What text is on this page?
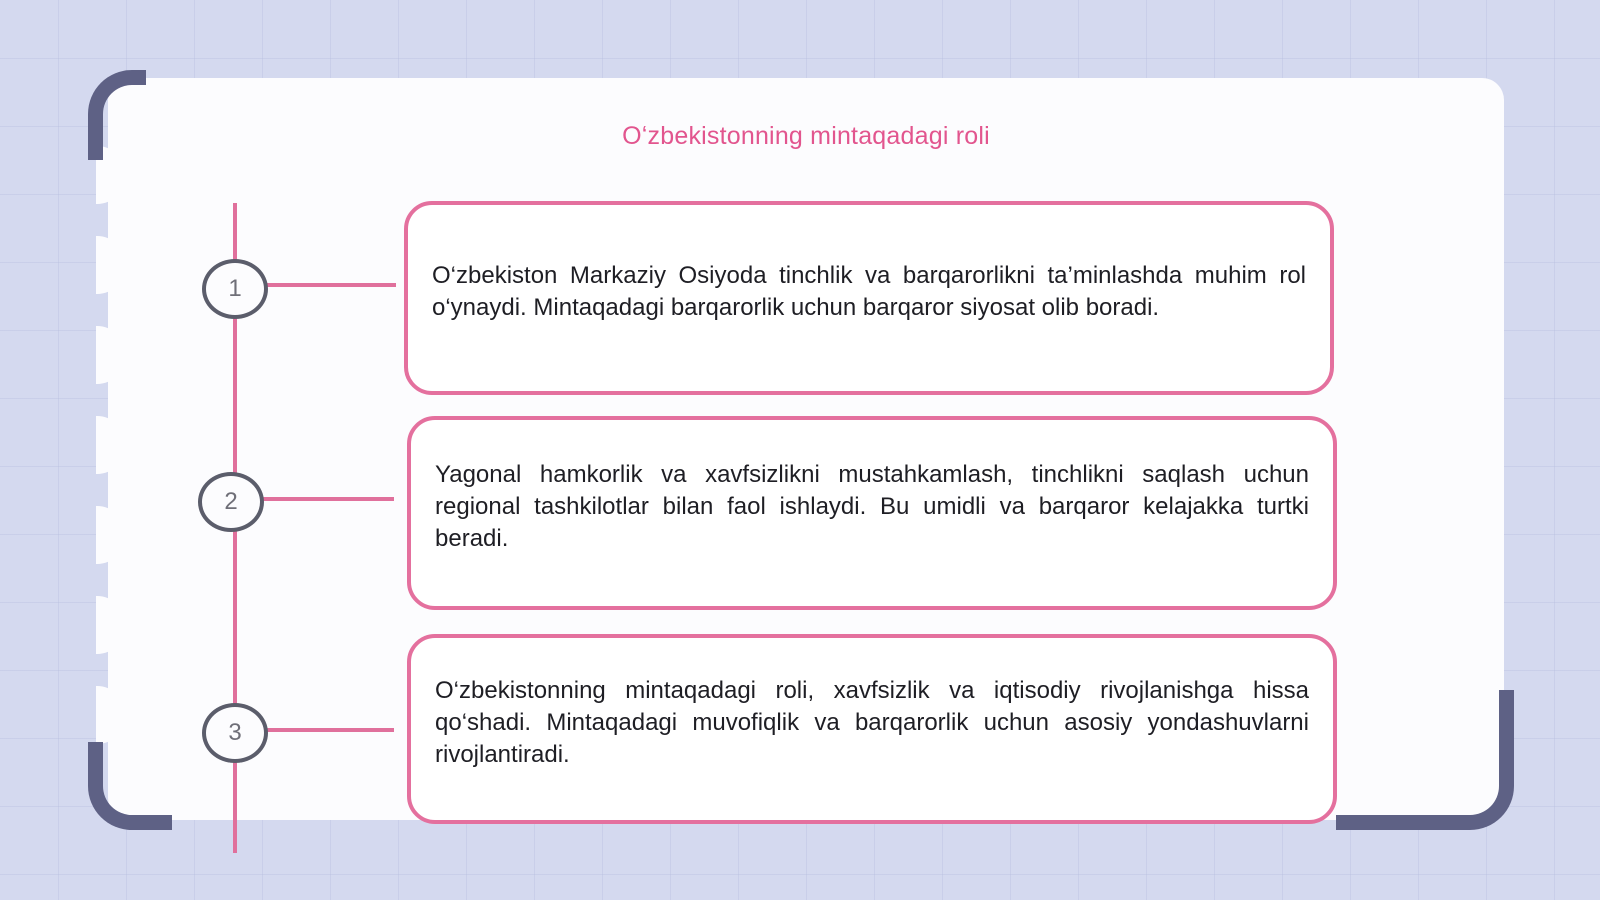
Oʻzbekistonning mintaqadagi roli
1
2
3

O‘zbekiston Markaziy Osiyoda tinchlik va barqarorlikni ta’minlashda muhim rol o‘ynaydi. Mintaqadagi barqarorlik uchun barqaror siyosat olib boradi.

Yagonal hamkorlik va xavfsizlikni mustahkamlash, tinchlikni saqlash uchun regional tashkilotlar bilan faol ishlaydi. Bu umidli va barqaror kelajakka turtki beradi.

O‘zbekistonning mintaqadagi roli, xavfsizlik va iqtisodiy rivojlanishga hissa qo‘shadi. Mintaqadagi muvofiqlik va barqarorlik uchun asosiy yondashuvlarni rivojlantiradi.
